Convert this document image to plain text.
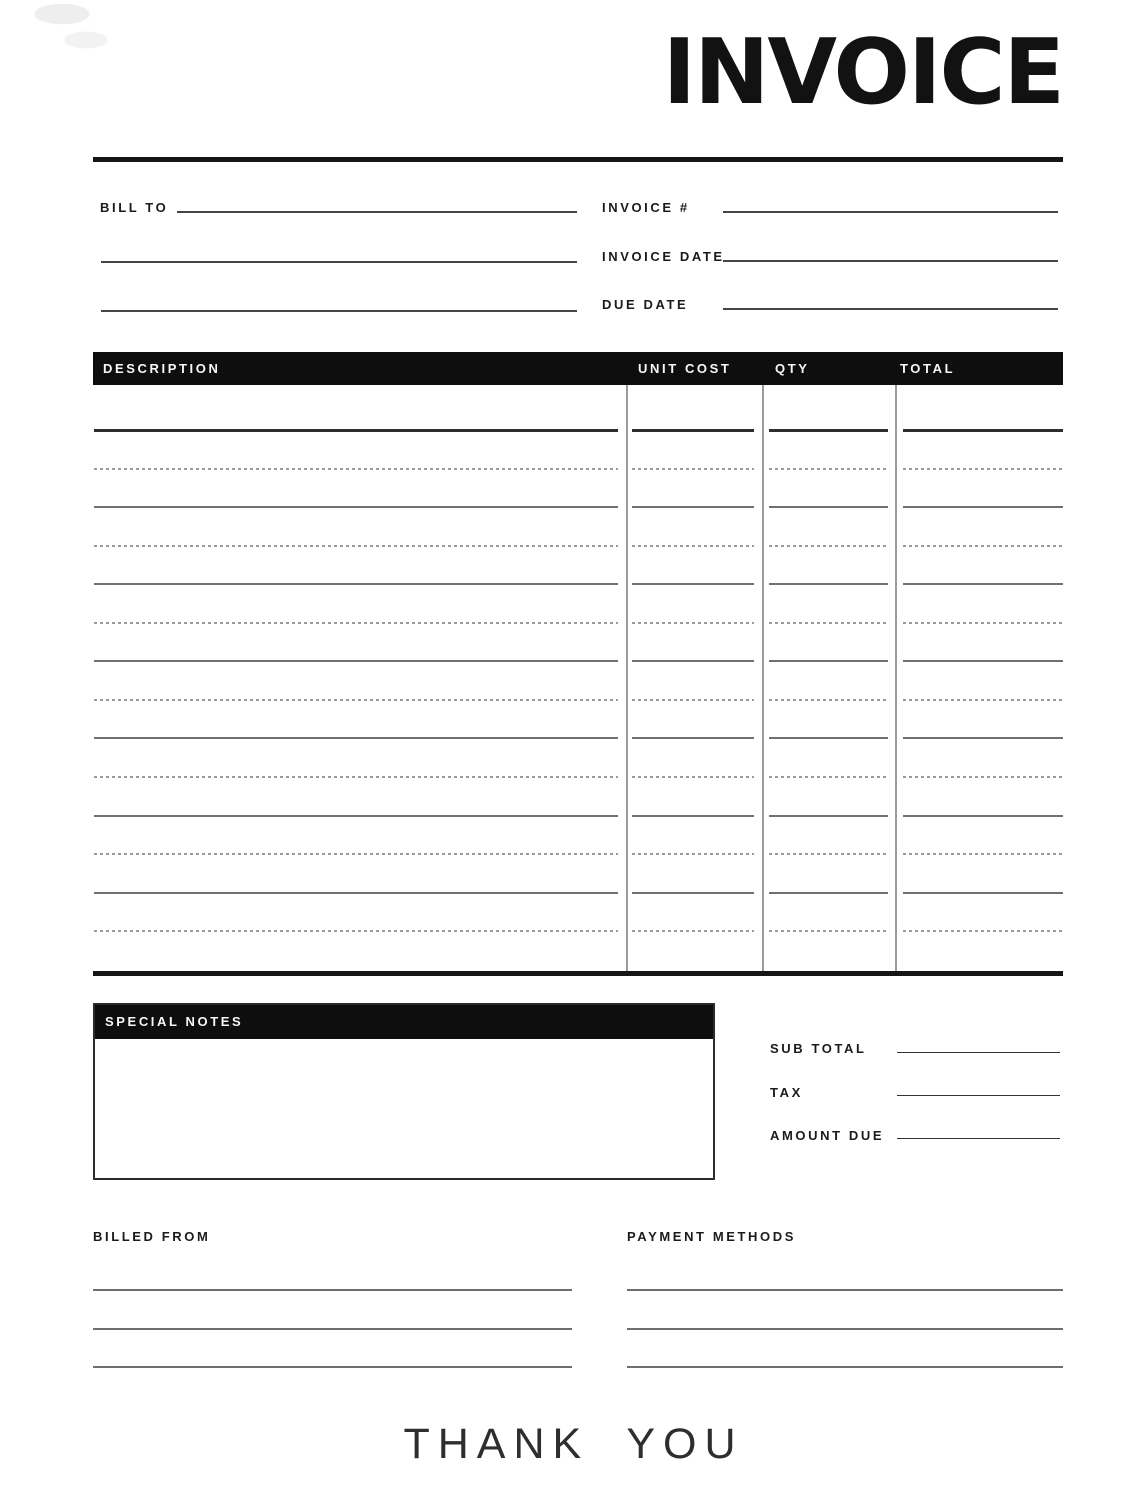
INVOICE
BILL TO	INVOICE #
INVOICE DATE
DUE DATE
DESCRIPTION	UNIT COST	QTY	TOTAL
SPECIAL NOTES
SUB TOTAL
TAX
AMOUNT DUE
BILLED FROM	PAYMENT METHODS

THANK YOU
